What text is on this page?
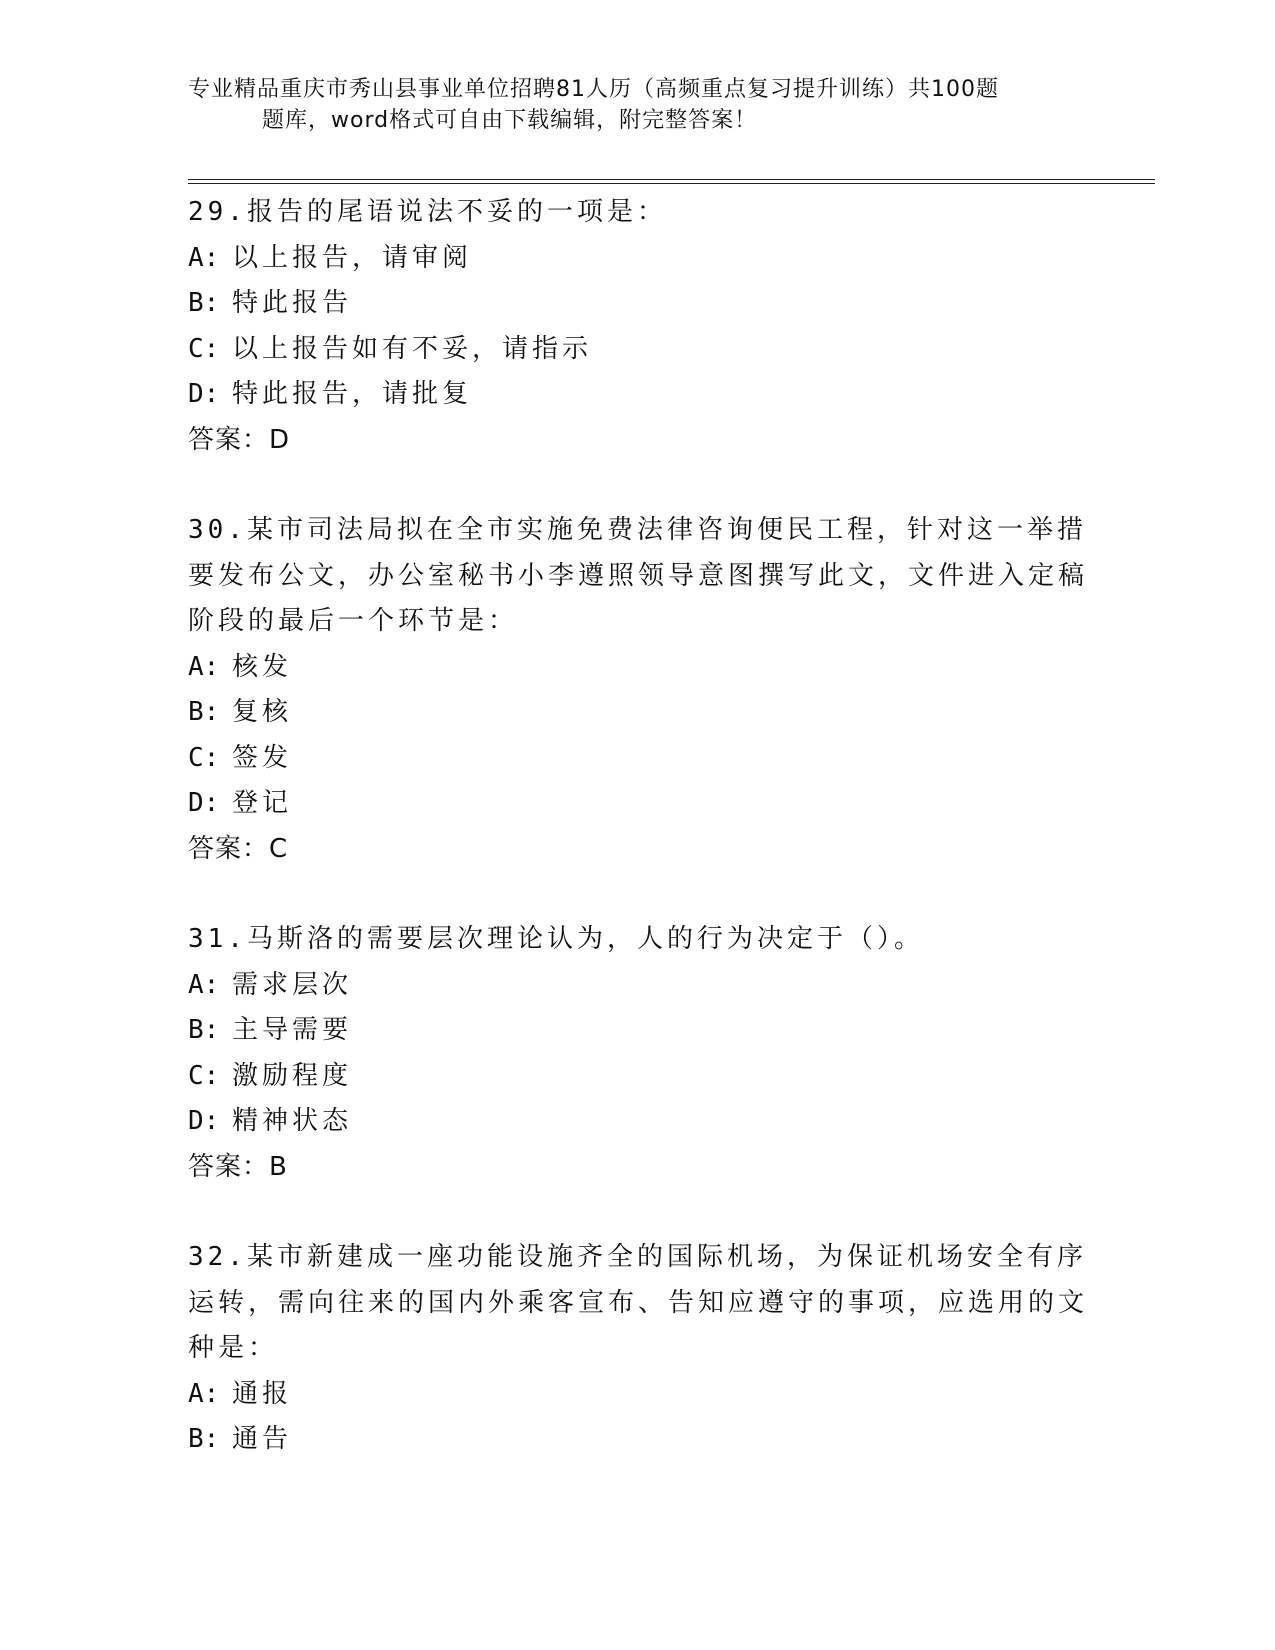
专业精品重庆市秀山县事业单位招聘81人历（高频重点复习提升训练）共100题
题库，word格式可自由下载编辑，附完整答案！

29.报告的尾语说法不妥的一项是：

A: 以上报告，请审阅

B: 特此报告

C: 以上报告如有不妥，请指示

D: 特此报告，请批复

答案：D

30.某市司法局拟在全市实施免费法律咨询便民工程，针对这一举措要发布公文，办公室秘书小李遵照领导意图撰写此文，文件进入定稿阶段的最后一个环节是：

A: 核发

B: 复核

C: 签发

D: 登记

答案：C

31.马斯洛的需要层次理论认为，人的行为决定于（）。

A: 需求层次

B: 主导需要

C: 激励程度

D: 精神状态

答案：B

32.某市新建成一座功能设施齐全的国际机场，为保证机场安全有序运转，需向往来的国内外乘客宣布、告知应遵守的事项，应选用的文种是：

A: 通报

B: 通告
